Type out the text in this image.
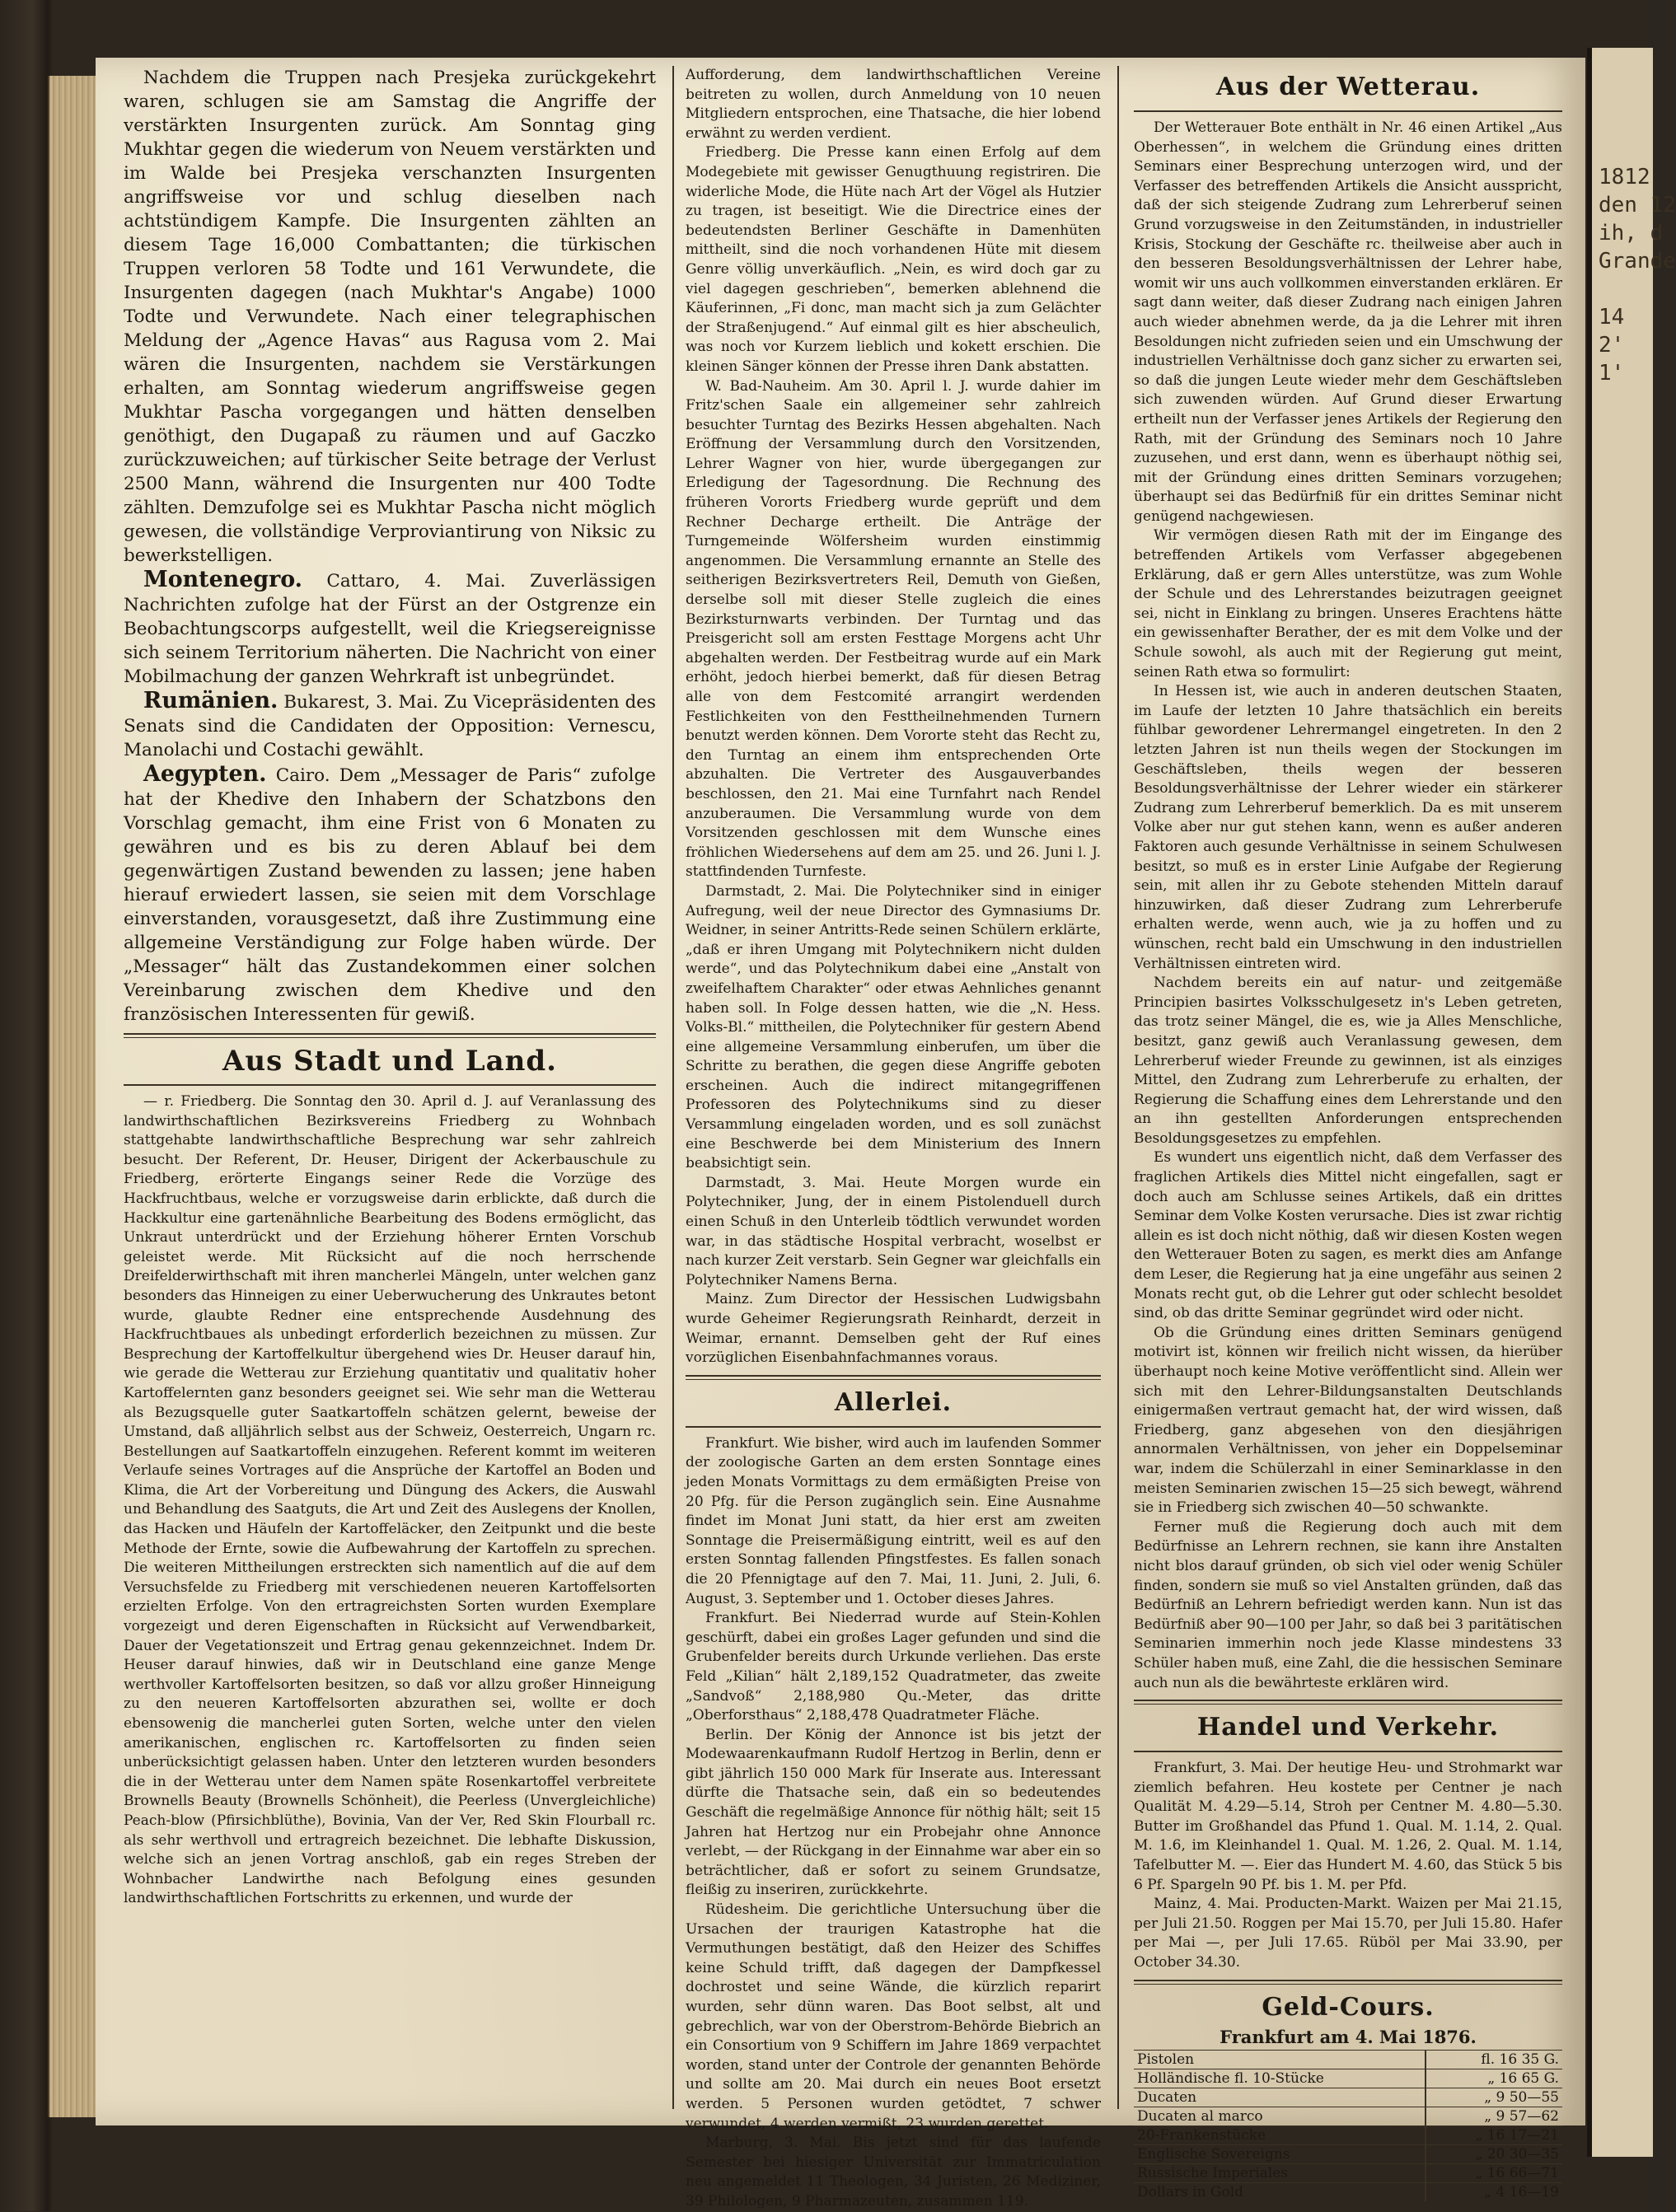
1812
den 12
ih, d
Grande

14
2'
1'

Nachdem die Truppen nach Presjeka zurückgekehrt waren, schlugen sie am Samstag die Angriffe der verstärkten Insurgenten zurück. Am Sonntag ging Mukhtar gegen die wiederum von Neuem verstärkten und im Walde bei Presjeka verschanzten Insurgenten angriffsweise vor und schlug dieselben nach achtstündigem Kampfe. Die Insurgenten zählten an diesem Tage 16,000 Combattanten; die türkischen Truppen verloren 58 Todte und 161 Verwundete, die Insurgenten dagegen (nach Mukhtar's Angabe) 1000 Todte und Verwundete. Nach einer telegraphischen Meldung der „Agence Havas“ aus Ragusa vom 2. Mai wären die Insurgenten, nachdem sie Verstärkungen erhalten, am Sonntag wiederum angriffsweise gegen Mukhtar Pascha vorgegangen und hätten denselben genöthigt, den Dugapaß zu räumen und auf Gaczko zurückzuweichen; auf türkischer Seite betrage der Verlust 2500 Mann, während die Insurgenten nur 400 Todte zählten. Demzufolge sei es Mukhtar Pascha nicht möglich gewesen, die vollständige Verproviantirung von Niksic zu bewerkstelligen.

Montenegro. Cattaro, 4. Mai. Zuverlässigen Nachrichten zufolge hat der Fürst an der Ostgrenze ein Beobachtungscorps aufgestellt, weil die Kriegsereignisse sich seinem Territorium näherten. Die Nachricht von einer Mobilmachung der ganzen Wehrkraft ist unbegründet.

Rumänien. Bukarest, 3. Mai. Zu Vicepräsidenten des Senats sind die Candidaten der Opposition: Vernescu, Manolachi und Costachi gewählt.

Aegypten. Cairo. Dem „Messager de Paris“ zufolge hat der Khedive den Inhabern der Schatzbons den Vorschlag gemacht, ihm eine Frist von 6 Monaten zu gewähren und es bis zu deren Ablauf bei dem gegenwärtigen Zustand bewenden zu lassen; jene haben hierauf erwiedert lassen, sie seien mit dem Vorschlage einverstanden, vorausgesetzt, daß ihre Zustimmung eine allgemeine Verständigung zur Folge haben würde. Der „Messager“ hält das Zustandekommen einer solchen Vereinbarung zwischen dem Khedive und den französischen Interessenten für gewiß.

Aus Stadt und Land.

— r. Friedberg. Die Sonntag den 30. April d. J. auf Veranlassung des landwirthschaftlichen Bezirksvereins Friedberg zu Wohnbach stattgehabte landwirthschaftliche Besprechung war sehr zahlreich besucht. Der Referent, Dr. Heuser, Dirigent der Ackerbauschule zu Friedberg, erörterte Eingangs seiner Rede die Vorzüge des Hackfruchtbaus, welche er vorzugsweise darin erblickte, daß durch die Hackkultur eine gartenähnliche Bearbeitung des Bodens ermöglicht, das Unkraut unterdrückt und der Erziehung höherer Ernten Vorschub geleistet werde. Mit Rücksicht auf die noch herrschende Dreifelderwirthschaft mit ihren mancherlei Mängeln, unter welchen ganz besonders das Hinneigen zu einer Ueberwucherung des Unkrautes betont wurde, glaubte Redner eine entsprechende Ausdehnung des Hackfruchtbaues als unbedingt erforderlich bezeichnen zu müssen. Zur Besprechung der Kartoffelkultur übergehend wies Dr. Heuser darauf hin, wie gerade die Wetterau zur Erziehung quantitativ und qualitativ hoher Kartoffelernten ganz besonders geeignet sei. Wie sehr man die Wetterau als Bezugsquelle guter Saatkartoffeln schätzen gelernt, beweise der Umstand, daß alljährlich selbst aus der Schweiz, Oesterreich, Ungarn rc. Bestellungen auf Saatkartoffeln einzugehen. Referent kommt im weiteren Verlaufe seines Vortrages auf die Ansprüche der Kartoffel an Boden und Klima, die Art der Vorbereitung und Düngung des Ackers, die Auswahl und Behandlung des Saatguts, die Art und Zeit des Auslegens der Knollen, das Hacken und Häufeln der Kartoffeläcker, den Zeitpunkt und die beste Methode der Ernte, sowie die Aufbewahrung der Kartoffeln zu sprechen. Die weiteren Mittheilungen erstreckten sich namentlich auf die auf dem Versuchsfelde zu Friedberg mit verschiedenen neueren Kartoffelsorten erzielten Erfolge. Von den ertragreichsten Sorten wurden Exemplare vorgezeigt und deren Eigenschaften in Rücksicht auf Verwendbarkeit, Dauer der Vegetationszeit und Ertrag genau gekennzeichnet. Indem Dr. Heuser darauf hinwies, daß wir in Deutschland eine ganze Menge werthvoller Kartoffelsorten besitzen, so daß vor allzu großer Hinneigung zu den neueren Kartoffelsorten abzurathen sei, wollte er doch ebensowenig die mancherlei guten Sorten, welche unter den vielen amerikanischen, englischen rc. Kartoffelsorten zu finden seien unberücksichtigt gelassen haben. Unter den letzteren wurden besonders die in der Wetterau unter dem Namen späte Rosenkartoffel verbreitete Brownells Beauty (Brownells Schönheit), die Peerless (Unvergleichliche) Peach-blow (Pfirsichblüthe), Bovinia, Van der Ver, Red Skin Flourball rc. als sehr werthvoll und ertragreich bezeichnet. Die lebhafte Diskussion, welche sich an jenen Vortrag anschloß, gab ein reges Streben der Wohnbacher Landwirthe nach Befolgung eines gesunden landwirthschaftlichen Fortschritts zu erkennen, und wurde der

Aufforderung, dem landwirthschaftlichen Vereine beitreten zu wollen, durch Anmeldung von 10 neuen Mitgliedern entsprochen, eine Thatsache, die hier lobend erwähnt zu werden verdient.

Friedberg. Die Presse kann einen Erfolg auf dem Modegebiete mit gewisser Genugthuung registriren. Die widerliche Mode, die Hüte nach Art der Vögel als Hutzier zu tragen, ist beseitigt. Wie die Directrice eines der bedeutendsten Berliner Geschäfte in Damenhüten mittheilt, sind die noch vorhandenen Hüte mit diesem Genre völlig unverkäuflich. „Nein, es wird doch gar zu viel dagegen geschrieben“, bemerken ablehnend die Käuferinnen, „Fi donc, man macht sich ja zum Gelächter der Straßenjugend.“ Auf einmal gilt es hier abscheulich, was noch vor Kurzem lieblich und kokett erschien. Die kleinen Sänger können der Presse ihren Dank abstatten.

W. Bad-Nauheim. Am 30. April l. J. wurde dahier im Fritz'schen Saale ein allgemeiner sehr zahlreich besuchter Turntag des Bezirks Hessen abgehalten. Nach Eröffnung der Versammlung durch den Vorsitzenden, Lehrer Wagner von hier, wurde übergegangen zur Erledigung der Tagesordnung. Die Rechnung des früheren Vororts Friedberg wurde geprüft und dem Rechner Decharge ertheilt. Die Anträge der Turngemeinde Wölfersheim wurden einstimmig angenommen. Die Versammlung ernannte an Stelle des seitherigen Bezirksvertreters Reil, Demuth von Gießen, derselbe soll mit dieser Stelle zugleich die eines Bezirksturnwarts verbinden. Der Turntag und das Preisgericht soll am ersten Festtage Morgens acht Uhr abgehalten werden. Der Festbeitrag wurde auf ein Mark erhöht, jedoch hierbei bemerkt, daß für diesen Betrag alle von dem Festcomité arrangirt werdenden Festlichkeiten von den Festtheilnehmenden Turnern benutzt werden können. Dem Vororte steht das Recht zu, den Turntag an einem ihm entsprechenden Orte abzuhalten. Die Vertreter des Ausgauverbandes beschlossen, den 21. Mai eine Turnfahrt nach Rendel anzuberaumen. Die Versammlung wurde von dem Vorsitzenden geschlossen mit dem Wunsche eines fröhlichen Wiedersehens auf dem am 25. und 26. Juni l. J. stattfindenden Turnfeste.

Darmstadt, 2. Mai. Die Polytechniker sind in einiger Aufregung, weil der neue Director des Gymnasiums Dr. Weidner, in seiner Antritts-Rede seinen Schülern erklärte, „daß er ihren Umgang mit Polytechnikern nicht dulden werde“, und das Polytechnikum dabei eine „Anstalt von zweifelhaftem Charakter“ oder etwas Aehnliches genannt haben soll. In Folge dessen hatten, wie die „N. Hess. Volks-Bl.“ mittheilen, die Polytechniker für gestern Abend eine allgemeine Versammlung einberufen, um über die Schritte zu berathen, die gegen diese Angriffe geboten erscheinen. Auch die indirect mitangegriffenen Professoren des Polytechnikums sind zu dieser Versammlung eingeladen worden, und es soll zunächst eine Beschwerde bei dem Ministerium des Innern beabsichtigt sein.

Darmstadt, 3. Mai. Heute Morgen wurde ein Polytechniker, Jung, der in einem Pistolenduell durch einen Schuß in den Unterleib tödtlich verwundet worden war, in das städtische Hospital verbracht, woselbst er nach kurzer Zeit verstarb. Sein Gegner war gleichfalls ein Polytechniker Namens Berna.

Mainz. Zum Director der Hessischen Ludwigsbahn wurde Geheimer Regierungsrath Reinhardt, derzeit in Weimar, ernannt. Demselben geht der Ruf eines vorzüglichen Eisenbahnfachmannes voraus.

Allerlei.

Frankfurt. Wie bisher, wird auch im laufenden Sommer der zoologische Garten an dem ersten Sonntage eines jeden Monats Vormittags zu dem ermäßigten Preise von 20 Pfg. für die Person zugänglich sein. Eine Ausnahme findet im Monat Juni statt, da hier erst am zweiten Sonntage die Preisermäßigung eintritt, weil es auf den ersten Sonntag fallenden Pfingstfestes. Es fallen sonach die 20 Pfennigtage auf den 7. Mai, 11. Juni, 2. Juli, 6. August, 3. September und 1. October dieses Jahres.

Frankfurt. Bei Niederrad wurde auf Stein-Kohlen geschürft, dabei ein großes Lager gefunden und sind die Grubenfelder bereits durch Urkunde verliehen. Das erste Feld „Kilian“ hält 2,189,152 Quadratmeter, das zweite „Sandvoß“ 2,188,980 Qu.-Meter, das dritte „Oberforsthaus“ 2,188,478 Quadratmeter Fläche.

Berlin. Der König der Annonce ist bis jetzt der Modewaarenkaufmann Rudolf Hertzog in Berlin, denn er gibt jährlich 150 000 Mark für Inserate aus. Interessant dürfte die Thatsache sein, daß ein so bedeutendes Geschäft die regelmäßige Annonce für nöthig hält; seit 15 Jahren hat Hertzog nur ein Probejahr ohne Annonce verlebt, — der Rückgang in der Einnahme war aber ein so beträchtlicher, daß er sofort zu seinem Grundsatze, fleißig zu inseriren, zurückkehrte.

Rüdesheim. Die gerichtliche Untersuchung über die Ursachen der traurigen Katastrophe hat die Vermuthungen bestätigt, daß den Heizer des Schiffes keine Schuld trifft, daß dagegen der Dampfkessel dochrostet und seine Wände, die kürzlich reparirt wurden, sehr dünn waren. Das Boot selbst, alt und gebrechlich, war von der Oberstrom-Behörde Biebrich an ein Consortium von 9 Schiffern im Jahre 1869 verpachtet worden, stand unter der Controle der genannten Behörde und sollte am 20. Mai durch ein neues Boot ersetzt werden. 5 Personen wurden getödtet, 7 schwer verwundet, 4 werden vermißt, 23 wurden gerettet.

Marburg, 3. Mai. Bis jetzt sind für das laufende Semester bei hiesiger Universität zur Immatriculation neu angemeldet 11 Theologen, 34 Juristen, 26 Mediziner, 39 Philologen, 9 Pharmazeuten, zusammen 119.

Aus der Wetterau.

Der Wetterauer Bote enthält in Nr. 46 einen Artikel „Aus Oberhessen“, in welchem die Gründung eines dritten Seminars einer Besprechung unterzogen wird, und der Verfasser des betreffenden Artikels die Ansicht ausspricht, daß der sich steigende Zudrang zum Lehrerberuf seinen Grund vorzugsweise in den Zeitumständen, in industrieller Krisis, Stockung der Geschäfte rc. theilweise aber auch in den besseren Besoldungsverhältnissen der Lehrer habe, womit wir uns auch vollkommen einverstanden erklären. Er sagt dann weiter, daß dieser Zudrang nach einigen Jahren auch wieder abnehmen werde, da ja die Lehrer mit ihren Besoldungen nicht zufrieden seien und ein Umschwung der industriellen Verhältnisse doch ganz sicher zu erwarten sei, so daß die jungen Leute wieder mehr dem Geschäftsleben sich zuwenden würden. Auf Grund dieser Erwartung ertheilt nun der Verfasser jenes Artikels der Regierung den Rath, mit der Gründung des Seminars noch 10 Jahre zuzusehen, und erst dann, wenn es überhaupt nöthig sei, mit der Gründung eines dritten Seminars vorzugehen; überhaupt sei das Bedürfniß für ein drittes Seminar nicht genügend nachgewiesen.

Wir vermögen diesen Rath mit der im Eingange des betreffenden Artikels vom Verfasser abgegebenen Erklärung, daß er gern Alles unterstütze, was zum Wohle der Schule und des Lehrerstandes beizutragen geeignet sei, nicht in Einklang zu bringen. Unseres Erachtens hätte ein gewissenhafter Berather, der es mit dem Volke und der Schule sowohl, als auch mit der Regierung gut meint, seinen Rath etwa so formulirt:

In Hessen ist, wie auch in anderen deutschen Staaten, im Laufe der letzten 10 Jahre thatsächlich ein bereits fühlbar gewordener Lehrermangel eingetreten. In den 2 letzten Jahren ist nun theils wegen der Stockungen im Geschäftsleben, theils wegen der besseren Besoldungsverhältnisse der Lehrer wieder ein stärkerer Zudrang zum Lehrerberuf bemerklich. Da es mit unserem Volke aber nur gut stehen kann, wenn es außer anderen Faktoren auch gesunde Verhältnisse in seinem Schulwesen besitzt, so muß es in erster Linie Aufgabe der Regierung sein, mit allen ihr zu Gebote stehenden Mitteln darauf hinzuwirken, daß dieser Zudrang zum Lehrerberufe erhalten werde, wenn auch, wie ja zu hoffen und zu wünschen, recht bald ein Umschwung in den industriellen Verhältnissen eintreten wird.

Nachdem bereits ein auf natur- und zeitgemäße Principien basirtes Volksschulgesetz in's Leben getreten, das trotz seiner Mängel, die es, wie ja Alles Menschliche, besitzt, ganz gewiß auch Veranlassung gewesen, dem Lehrerberuf wieder Freunde zu gewinnen, ist als einziges Mittel, den Zudrang zum Lehrerberufe zu erhalten, der Regierung die Schaffung eines dem Lehrerstande und den an ihn gestellten Anforderungen entsprechenden Besoldungsgesetzes zu empfehlen.

Es wundert uns eigentlich nicht, daß dem Verfasser des fraglichen Artikels dies Mittel nicht eingefallen, sagt er doch auch am Schlusse seines Artikels, daß ein drittes Seminar dem Volke Kosten verursache. Dies ist zwar richtig allein es ist doch nicht nöthig, daß wir diesen Kosten wegen den Wetterauer Boten zu sagen, es merkt dies am Anfange dem Leser, die Regierung hat ja eine ungefähr aus seinen 2 Monats recht gut, ob die Lehrer gut oder schlecht besoldet sind, ob das dritte Seminar gegründet wird oder nicht.

Ob die Gründung eines dritten Seminars genügend motivirt ist, können wir freilich nicht wissen, da hierüber überhaupt noch keine Motive veröffentlicht sind. Allein wer sich mit den Lehrer-Bildungsanstalten Deutschlands einigermaßen vertraut gemacht hat, der wird wissen, daß Friedberg, ganz abgesehen von den diesjährigen annormalen Verhältnissen, von jeher ein Doppelseminar war, indem die Schülerzahl in einer Seminarklasse in den meisten Seminarien zwischen 15—25 sich bewegt, während sie in Friedberg sich zwischen 40—50 schwankte.

Ferner muß die Regierung doch auch mit dem Bedürfnisse an Lehrern rechnen, sie kann ihre Anstalten nicht blos darauf gründen, ob sich viel oder wenig Schüler finden, sondern sie muß so viel Anstalten gründen, daß das Bedürfniß an Lehrern befriedigt werden kann. Nun ist das Bedürfniß aber 90—100 per Jahr, so daß bei 3 paritätischen Seminarien immerhin noch jede Klasse mindestens 33 Schüler haben muß, eine Zahl, die die hessischen Seminare auch nun als die bewährteste erklären wird.

Handel und Verkehr.

Frankfurt, 3. Mai. Der heutige Heu- und Strohmarkt war ziemlich befahren. Heu kostete per Centner je nach Qualität M. 4.29—5.14, Stroh per Centner M. 4.80—5.30. Butter im Großhandel das Pfund 1. Qual. M. 1.14, 2. Qual. M. 1.6, im Kleinhandel 1. Qual. M. 1.26, 2. Qual. M. 1.14, Tafelbutter M. —. Eier das Hundert M. 4.60, das Stück 5 bis 6 Pf. Spargeln 90 Pf. bis 1. M. per Pfd.

Mainz, 4. Mai. Producten-Markt. Waizen per Mai 21.15, per Juli 21.50. Roggen per Mai 15.70, per Juli 15.80. Hafer per Mai —, per Juli 17.65. Rüböl per Mai 33.90, per October 34.30.

Geld-Cours.
Frankfurt am 4. Mai 1876.
Pistolen	fl. 16 35 G.
Holländische fl. 10-Stücke	„ 16 65 G.
Ducaten	„ 9 50—55
Ducaten al marco	„ 9 57—62
20-Frankenstücke	„ 16 17—21
Englische Sovereigns	„ 20 30—35
Russische Imperiales	„ 16 66—71
Dollars in Gold	„ 4 16—19
